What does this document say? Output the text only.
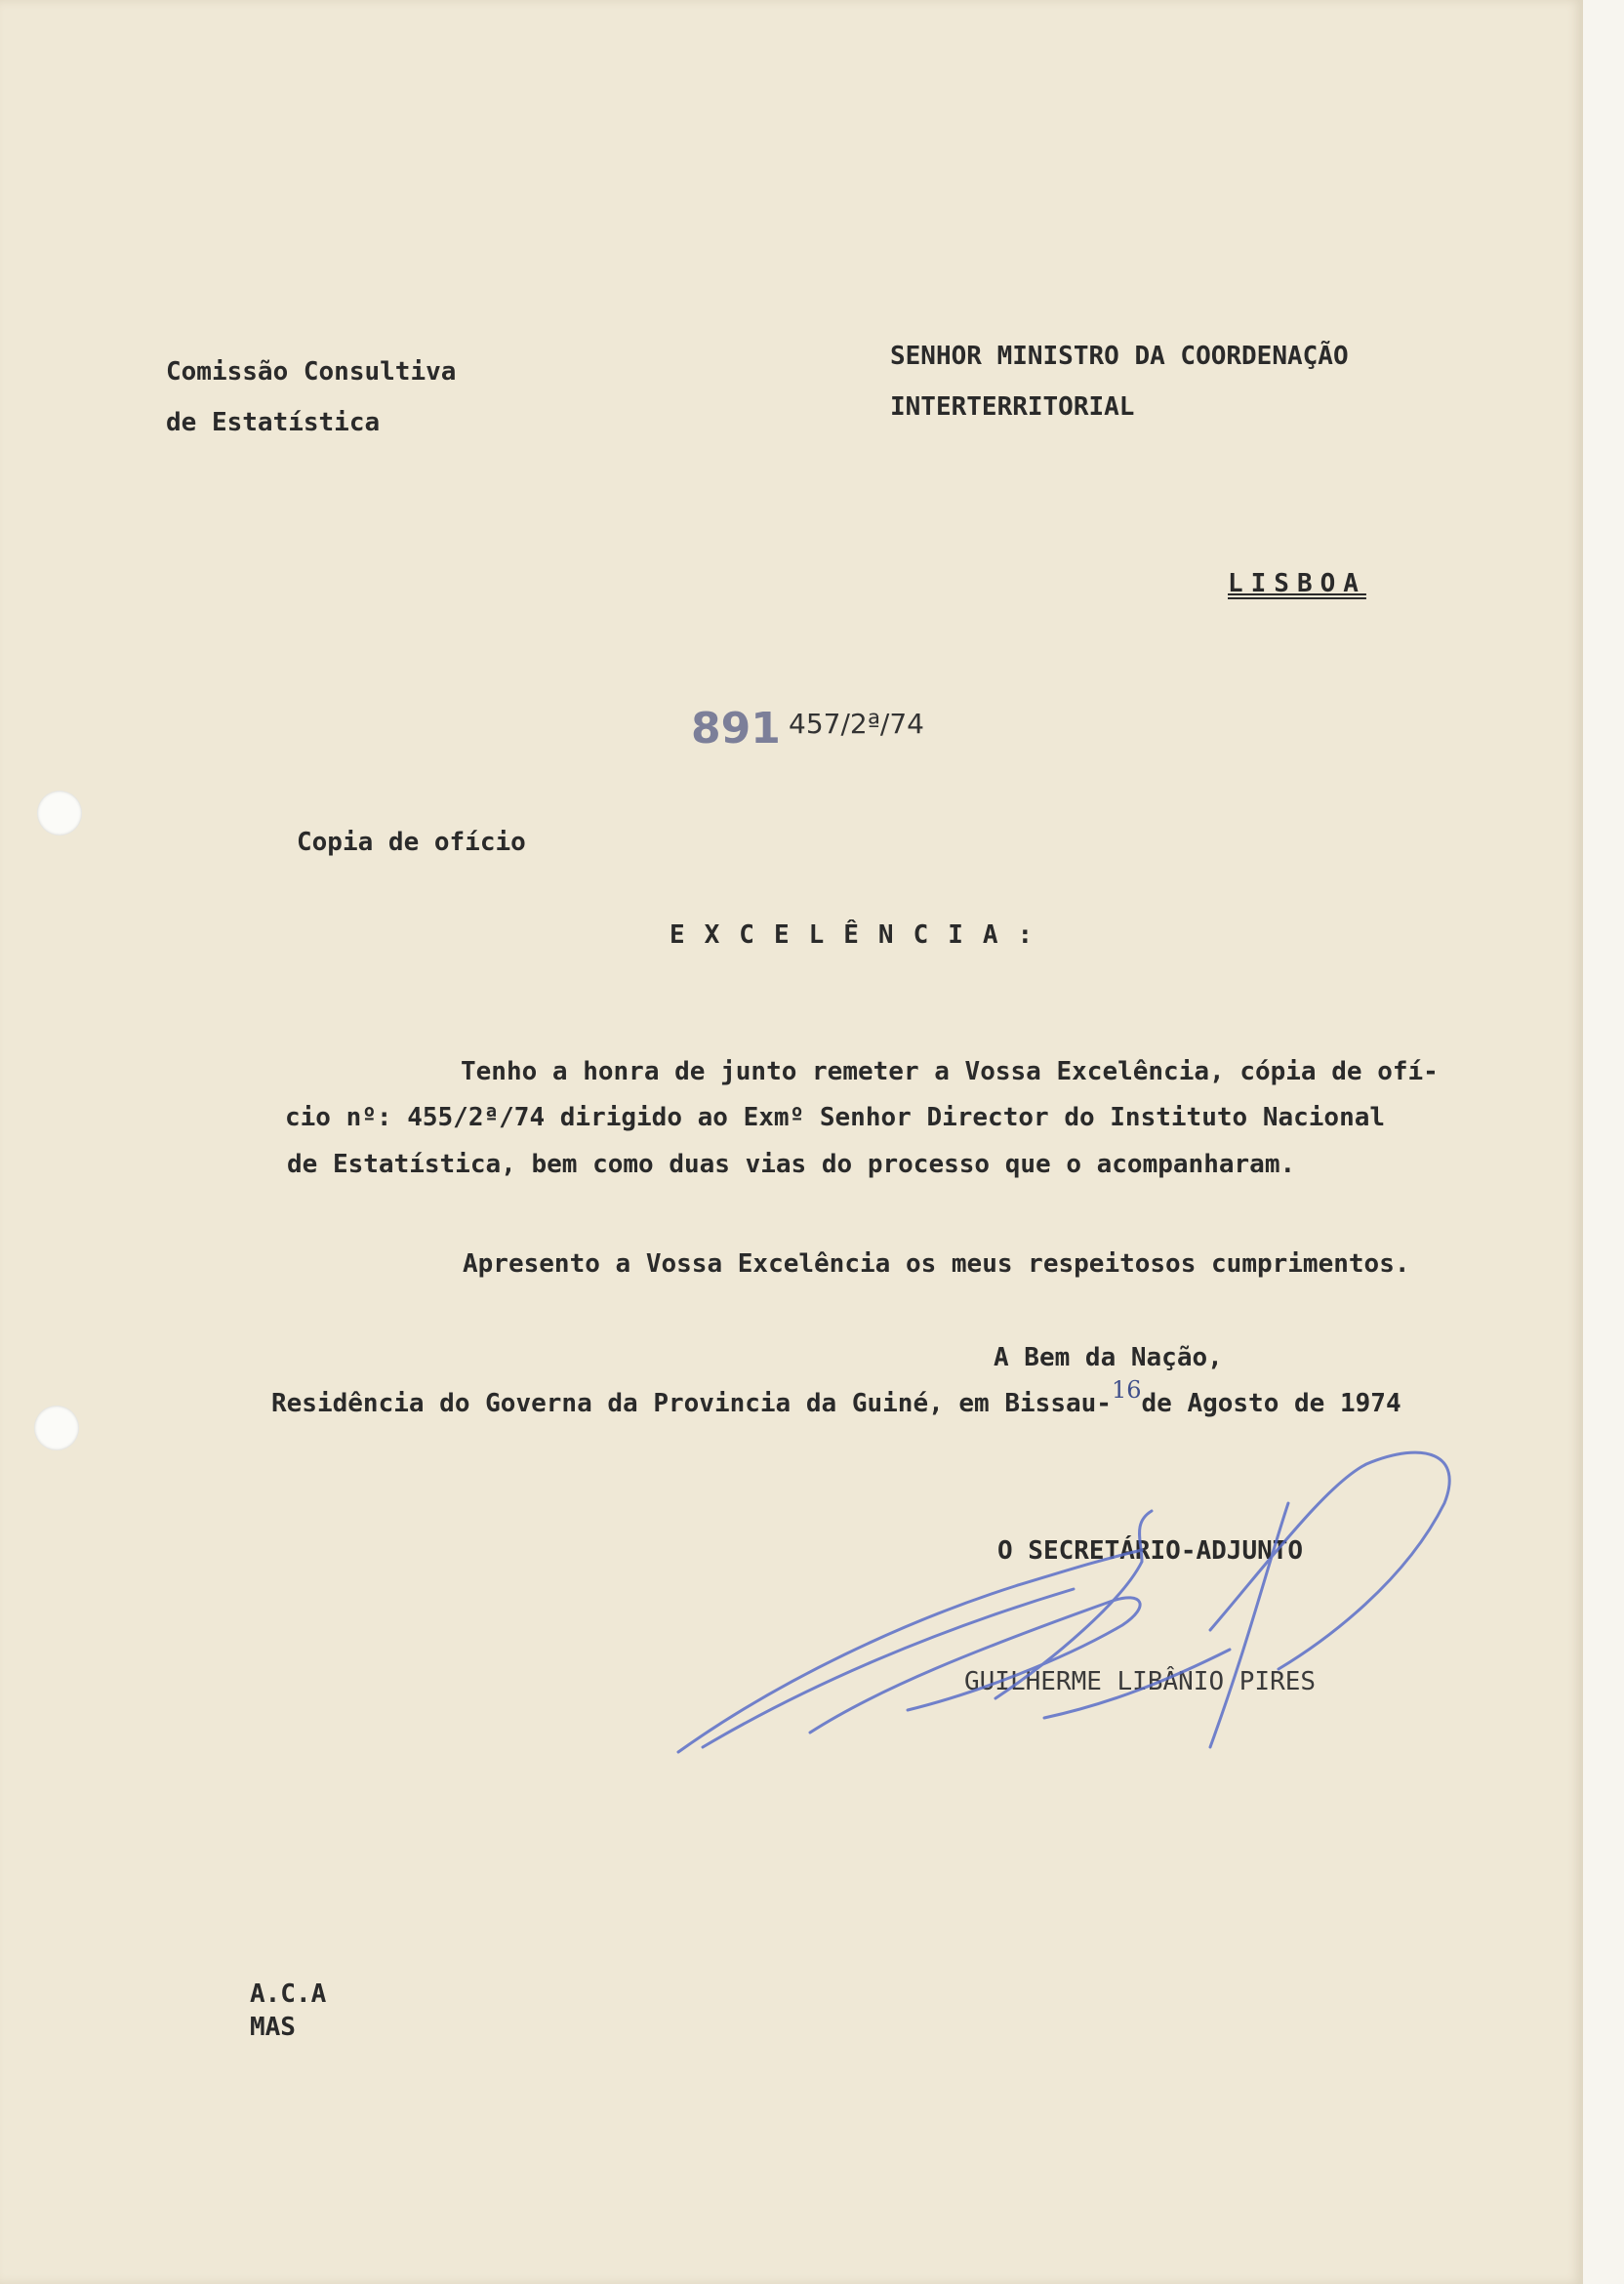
Comissão Consultiva
de Estatística
SENHOR MINISTRO DA COORDENAÇÃO
INTERTERRITORIAL
LISBOA
891 457/2ª/74
Copia de ofício
EXCELÊNCIA:
Tenho a honra de junto remeter a Vossa Excelência, cópia de ofí-
cio nº: 455/2ª/74 dirigido ao Exmº Senhor Director do Instituto Nacional
de Estatística, bem como duas vias do processo que o acompanharam.
Apresento a Vossa Excelência os meus respeitosos cumprimentos.
A Bem da Nação,
Residência do Governa da Provincia da Guiné, em Bissau-16de Agosto de 1974
O SECRETÁRIO-ADJUNTO
GUILHERME LIBÂNIO PIRES
A.C.A
MAS
